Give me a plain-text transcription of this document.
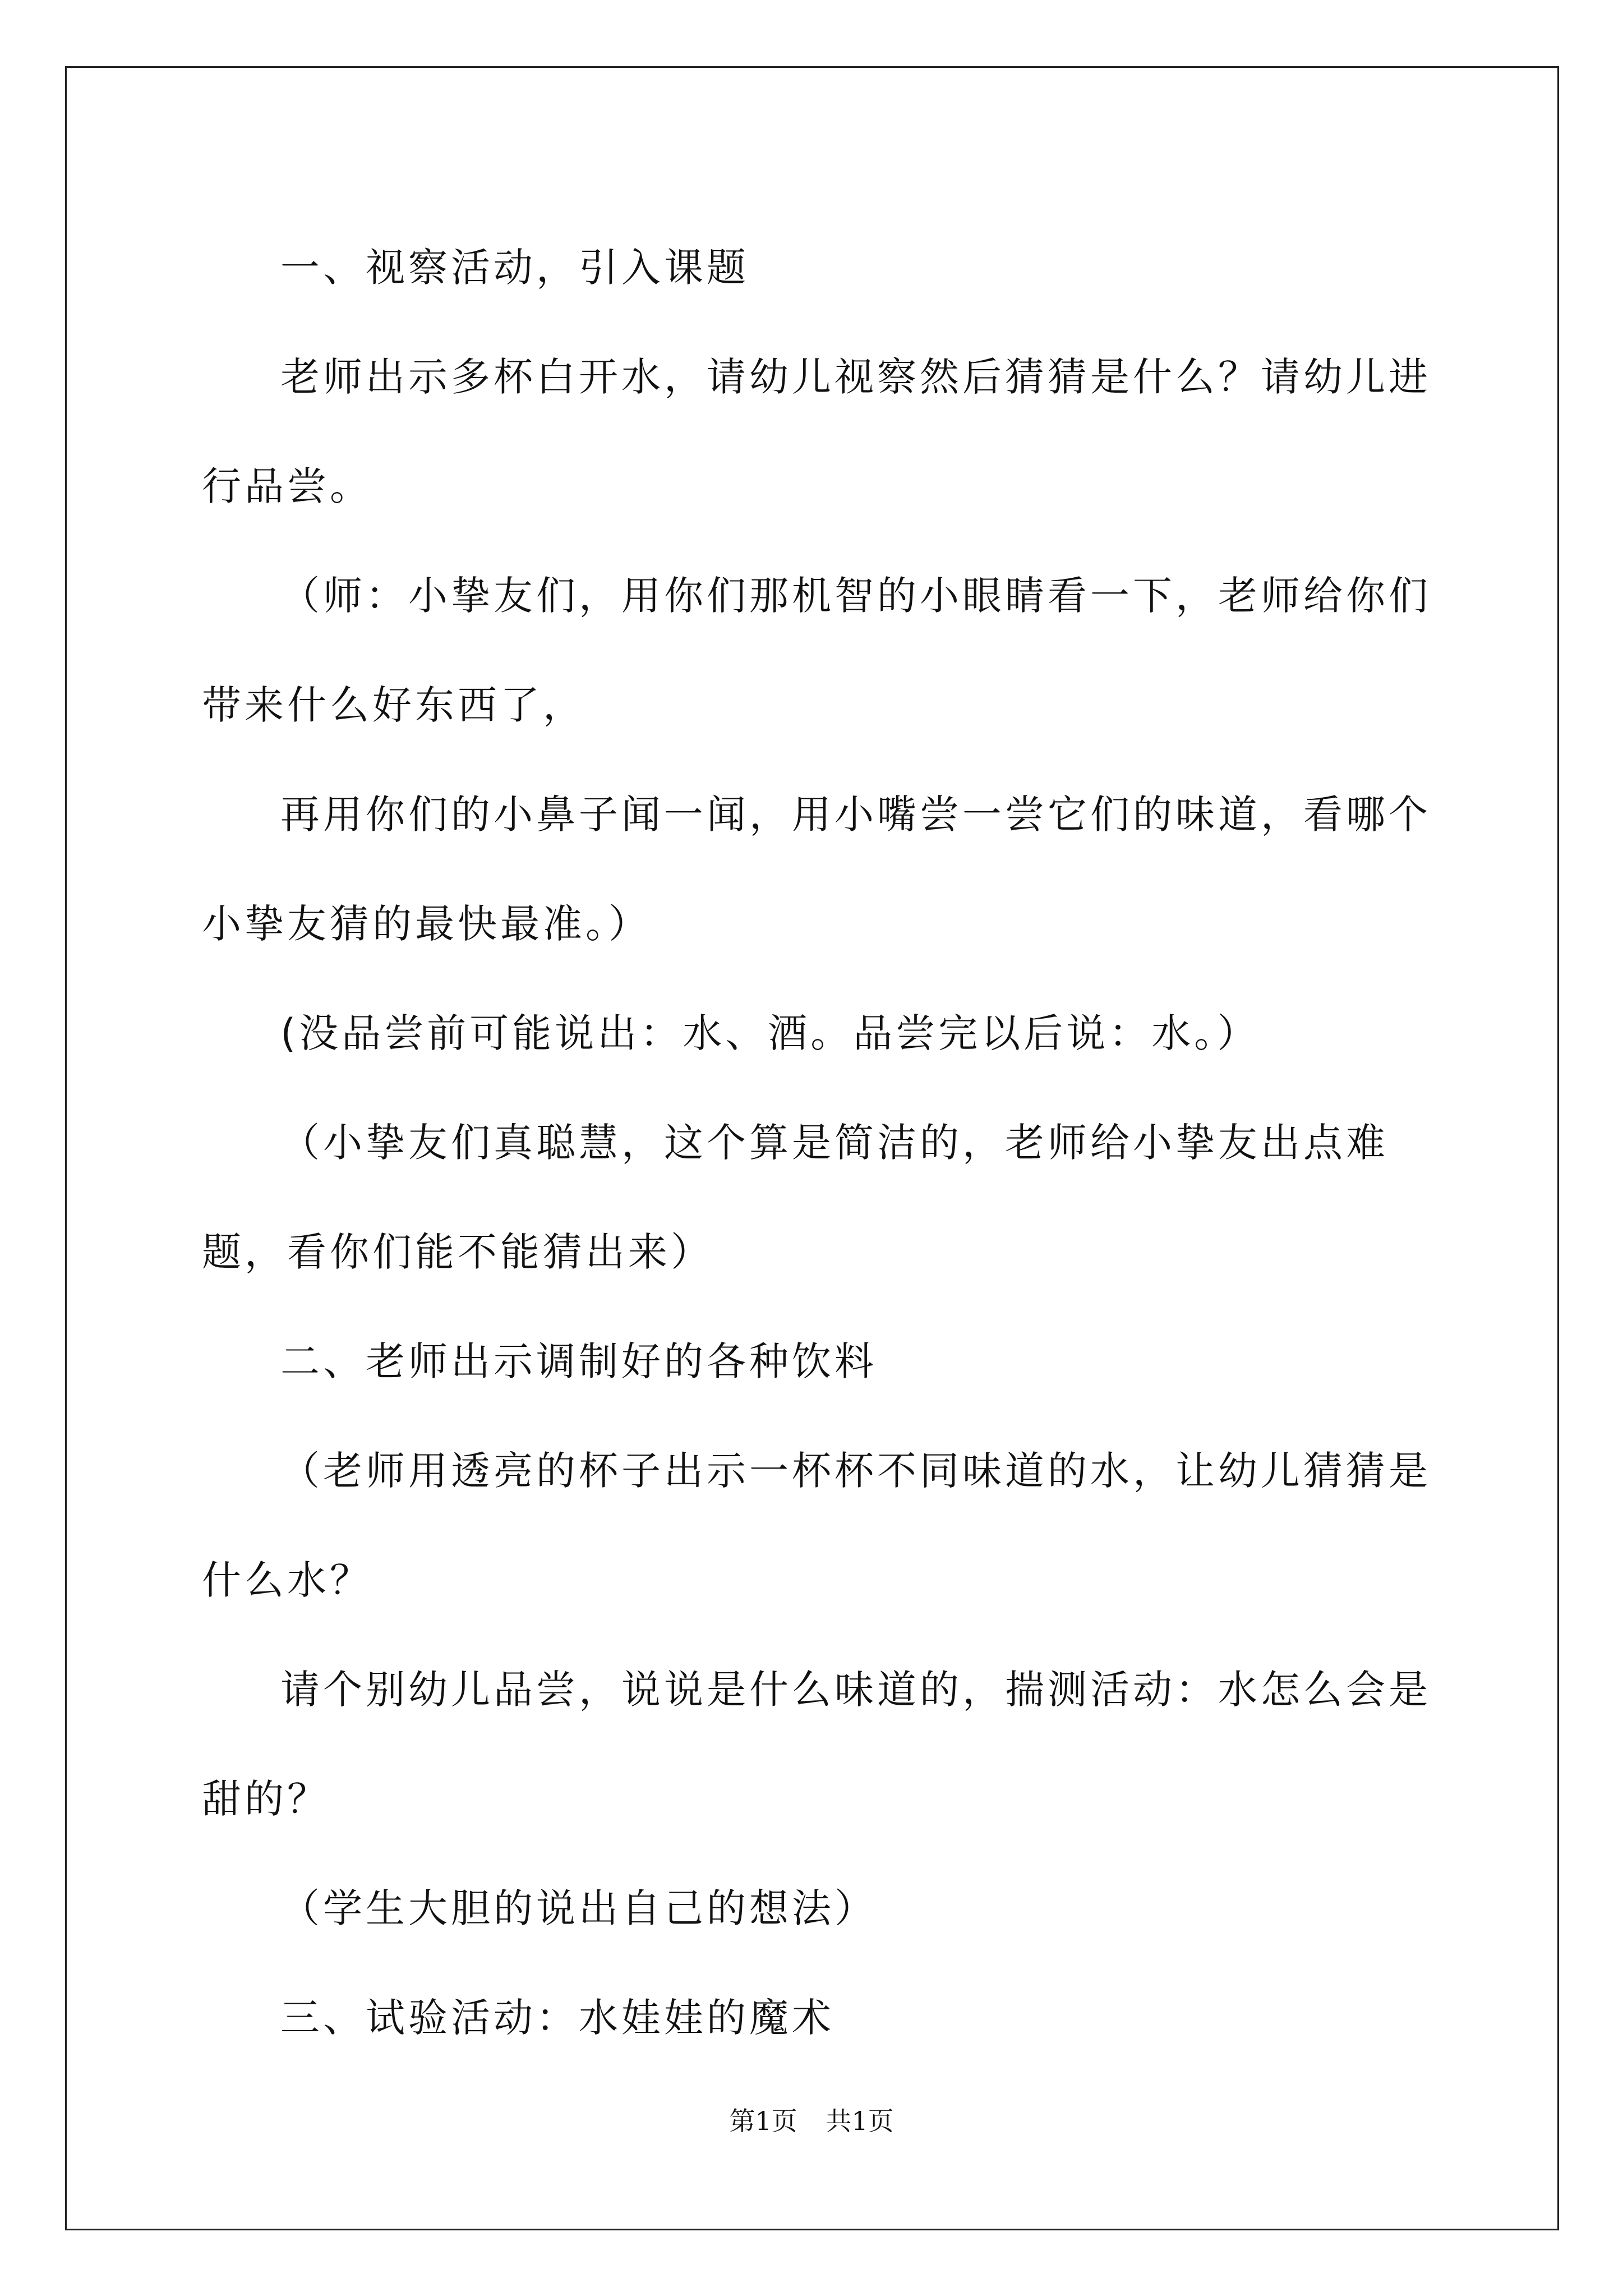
一、视察活动，引入课题

老师出示多杯白开水，请幼儿视察然后猜猜是什么？请幼儿进行品尝。

（师：小挚友们，用你们那机智的小眼睛看一下，老师给你们带来什么好东西了，

再用你们的小鼻子闻一闻，用小嘴尝一尝它们的味道，看哪个小挚友猜的最快最准。）

(没品尝前可能说出：水、酒。品尝完以后说：水。）

（小挚友们真聪慧，这个算是简洁的，老师给小挚友出点难题，看你们能不能猜出来）

二、老师出示调制好的各种饮料

（老师用透亮的杯子出示一杯杯不同味道的水，让幼儿猜猜是什么水？

请个别幼儿品尝，说说是什么味道的，揣测活动：水怎么会是甜的？

（学生大胆的说出自己的想法）

三、试验活动：水娃娃的魔术

第1页 共1页
